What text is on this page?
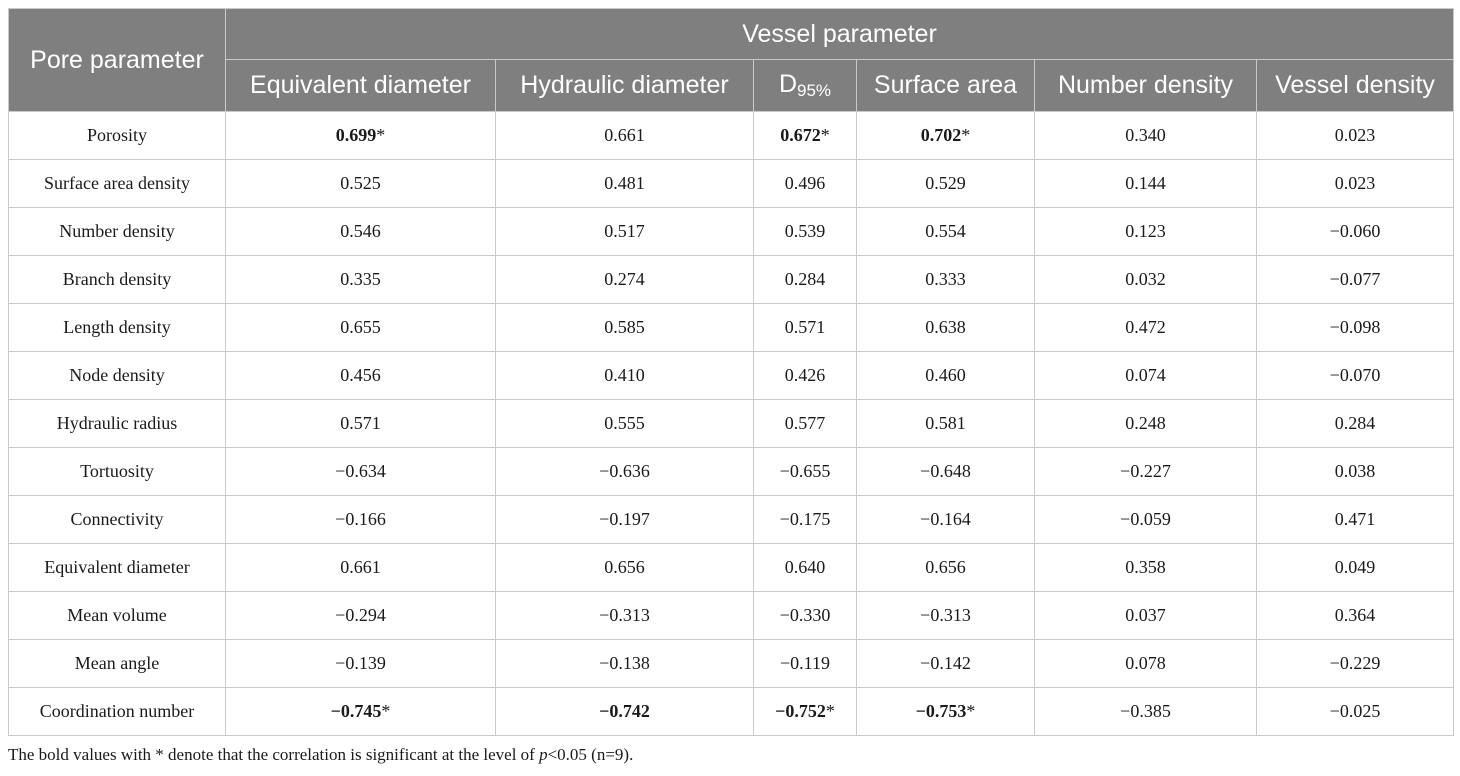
Pore parameter	Vessel parameter					
	Equivalent diameter	Hydraulic diameter	$D_{95\%}$	Surface area	Number density	Vessel density
Porosity	0.699*	0.661	0.672*	0.702*	0.340	0.023
Surface area density	0.525	0.481	0.496	0.529	0.144	0.023
Number density	0.546	0.517	0.539	0.554	0.123	−0.060
Branch density	0.335	0.274	0.284	0.333	0.032	−0.077
Length density	0.655	0.585	0.571	0.638	0.472	−0.098
Node density	0.456	0.410	0.426	0.460	0.074	−0.070
Hydraulic radius	0.571	0.555	0.577	0.581	0.248	0.284
Tortuosity	−0.634	−0.636	−0.655	−0.648	−0.227	0.038
Connectivity	−0.166	−0.197	−0.175	−0.164	−0.059	0.471
Equivalent diameter	0.661	0.656	0.640	0.656	0.358	0.049
Mean volume	−0.294	−0.313	−0.330	−0.313	0.037	0.364
Mean angle	−0.139	−0.138	−0.119	−0.142	0.078	−0.229
Coordination number	−0.745*	−0.742	−0.752*	−0.753*	−0.385	−0.025
The bold values with * denote that the correlation is significant at the level of p<0.05 (n=9).
